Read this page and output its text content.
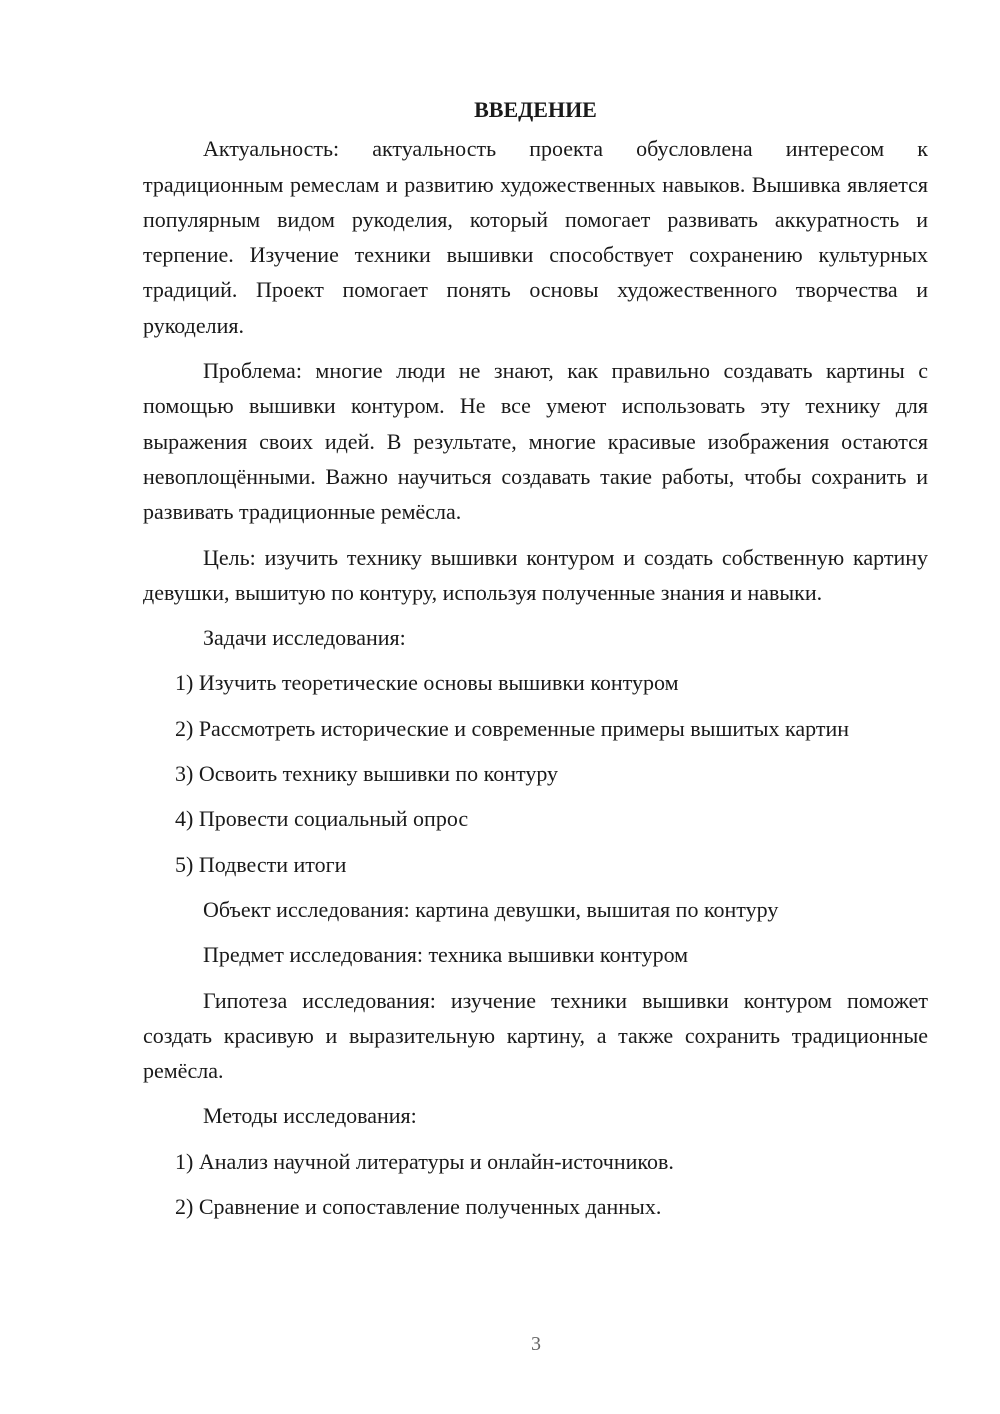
ВВЕДЕНИЕ

Актуальность: актуальность проекта обусловлена интересом к традиционным ремеслам и развитию художественных навыков. Вышивка является популярным видом рукоделия, который помогает развивать аккуратность и терпение. Изучение техники вышивки способствует сохранению культурных традиций. Проект помогает понять основы художественного творчества и рукоделия.

Проблема: многие люди не знают, как правильно создавать картины с помощью вышивки контуром. Не все умеют использовать эту технику для выражения своих идей. В результате, многие красивые изображения остаются невоплощёнными. Важно научиться создавать такие работы, чтобы сохранить и развивать традиционные ремёсла.

Цель: изучить технику вышивки контуром и создать собственную картину девушки, вышитую по контуру, используя полученные знания и навыки.

Задачи исследования:

1) Изучить теоретические основы вышивки контуром

2) Рассмотреть исторические и современные примеры вышитых картин

3) Освоить технику вышивки по контуру

4) Провести социальный опрос

5) Подвести итоги

Объект исследования: картина девушки, вышитая по контуру

Предмет исследования: техника вышивки контуром

Гипотеза исследования: изучение техники вышивки контуром поможет создать красивую и выразительную картину, а также сохранить традиционные ремёсла.

Методы исследования:

1) Анализ научной литературы и онлайн-источников.

2) Сравнение и сопоставление полученных данных.

3
